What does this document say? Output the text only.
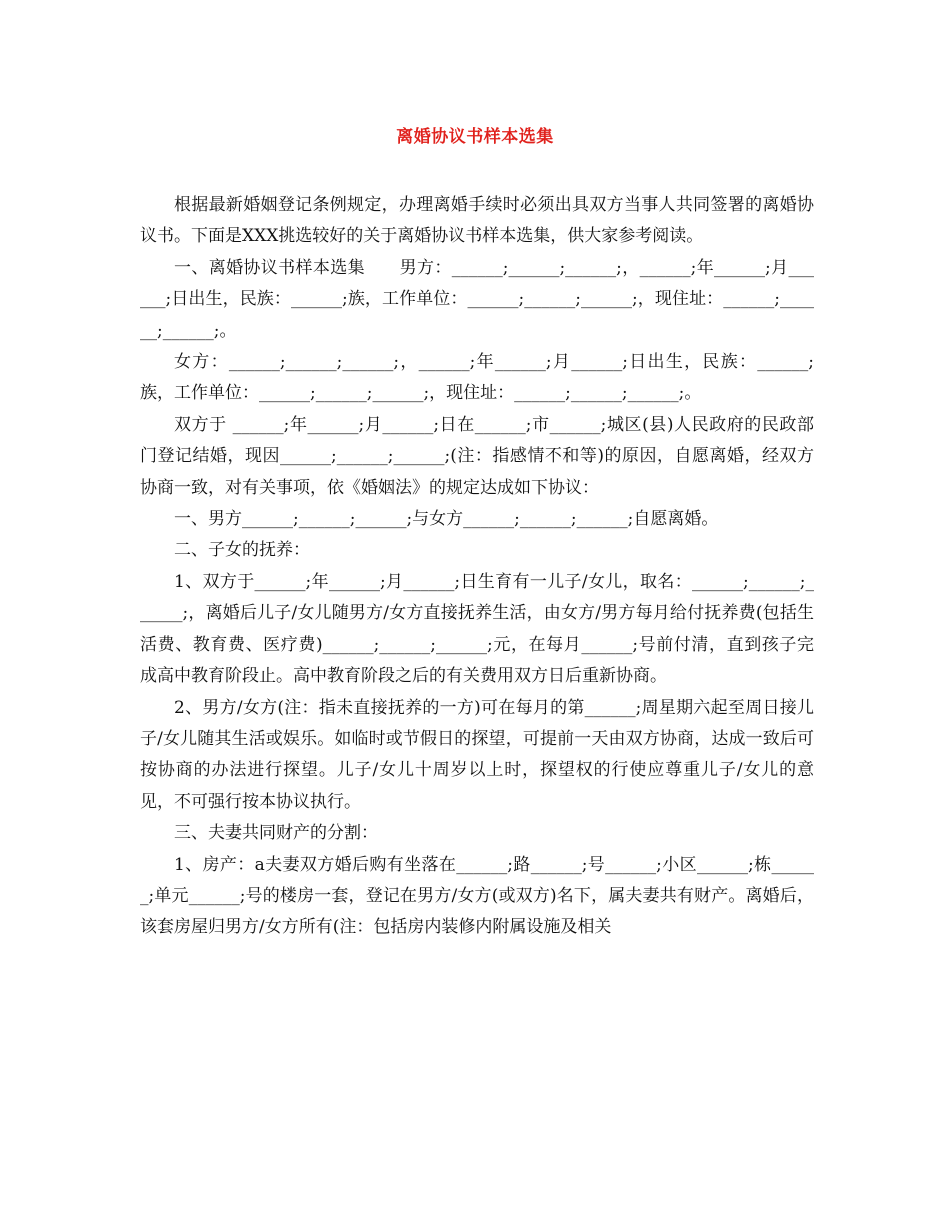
离婚协议书样本选集

根据最新婚姻登记条例规定，办理离婚手续时必须出具双方当事人共同签署的离婚协议书。下面是XXX挑选较好的关于离婚协议书样本选集，供大家参考阅读。

一、离婚协议书样本选集　　男方：______;______;______;，______;年______;月______;日出生，民族：______;族，工作单位：______;______;______;，现住址：______;______;______;。

女方：______;______;______;，______;年______;月______;日出生，民族：______;族，工作单位：______;______;______;，现住址：______;______;______;。

双方于 ______;年______;月______;日在______;市______;城区(县)人民政府的民政部门登记结婚，现因______;______;______;(注：指感情不和等)的原因，自愿离婚，经双方协商一致，对有关事项，依《婚姻法》的规定达成如下协议：

一、男方______;______;______;与女方______;______;______;自愿离婚。

二、子女的抚养：

1、双方于______;年______;月______;日生育有一儿子/女儿，取名：______;______;______;，离婚后儿子/女儿随男方/女方直接抚养生活，由女方/男方每月给付抚养费(包括生活费、教育费、医疗费)______;______;______;元，在每月______;号前付清，直到孩子完成高中教育阶段止。高中教育阶段之后的有关费用双方日后重新协商。

2、男方/女方(注：指未直接抚养的一方)可在每月的第______;周星期六起至周日接儿子/女儿随其生活或娱乐。如临时或节假日的探望，可提前一天由双方协商，达成一致后可按协商的办法进行探望。儿子/女儿十周岁以上时，探望权的行使应尊重儿子/女儿的意见，不可强行按本协议执行。

三、夫妻共同财产的分割：

1、房产：a夫妻双方婚后购有坐落在______;路______;号______;小区______;栋______;单元______;号的楼房一套，登记在男方/女方(或双方)名下，属夫妻共有财产。离婚后，该套房屋归男方/女方所有(注：包括房内装修内附属设施及相关
